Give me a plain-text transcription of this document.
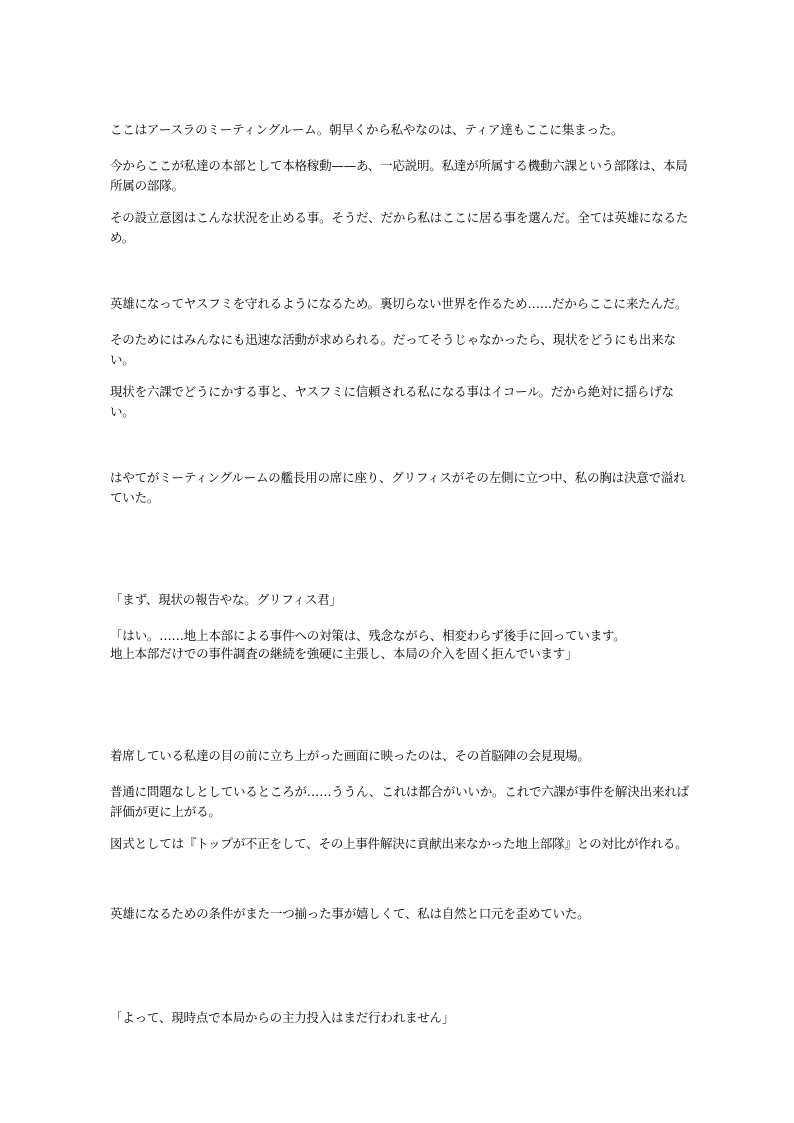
ここはアースラのミーティングルーム。朝早くから私やなのは、ティア達もここに集まった。

今からここが私達の本部として本格稼動——あ、一応説明。私達が所属する機動六課という部隊は、本局所属の部隊。

その設立意図はこんな状況を止める事。そうだ、だから私はここに居る事を選んだ。全ては英雄になるため。

英雄になってヤスフミを守れるようになるため。裏切らない世界を作るため……だからここに来たんだ。

そのためにはみんなにも迅速な活動が求められる。だってそうじゃなかったら、現状をどうにも出来ない。

現状を六課でどうにかする事と、ヤスフミに信頼される私になる事はイコール。だから絶対に揺らげない。

はやてがミーティングルームの艦長用の席に座り、グリフィスがその左側に立つ中、私の胸は決意で溢れていた。

「まず、現状の報告やな。グリフィス君」

「はい。……地上本部による事件への対策は、残念ながら、相変わらず後手に回っています。

地上本部だけでの事件調査の継続を強硬に主張し、本局の介入を固く拒んでいます」

着席している私達の目の前に立ち上がった画面に映ったのは、その首脳陣の会見現場。

普通に問題なしとしているところが……ううん、これは都合がいいか。これで六課が事件を解決出来れば評価が更に上がる。

図式としては『トップが不正をして、その上事件解決に貢献出来なかった地上部隊』との対比が作れる。

英雄になるための条件がまた一つ揃った事が嬉しくて、私は自然と口元を歪めていた。

「よって、現時点で本局からの主力投入はまだ行われません」
